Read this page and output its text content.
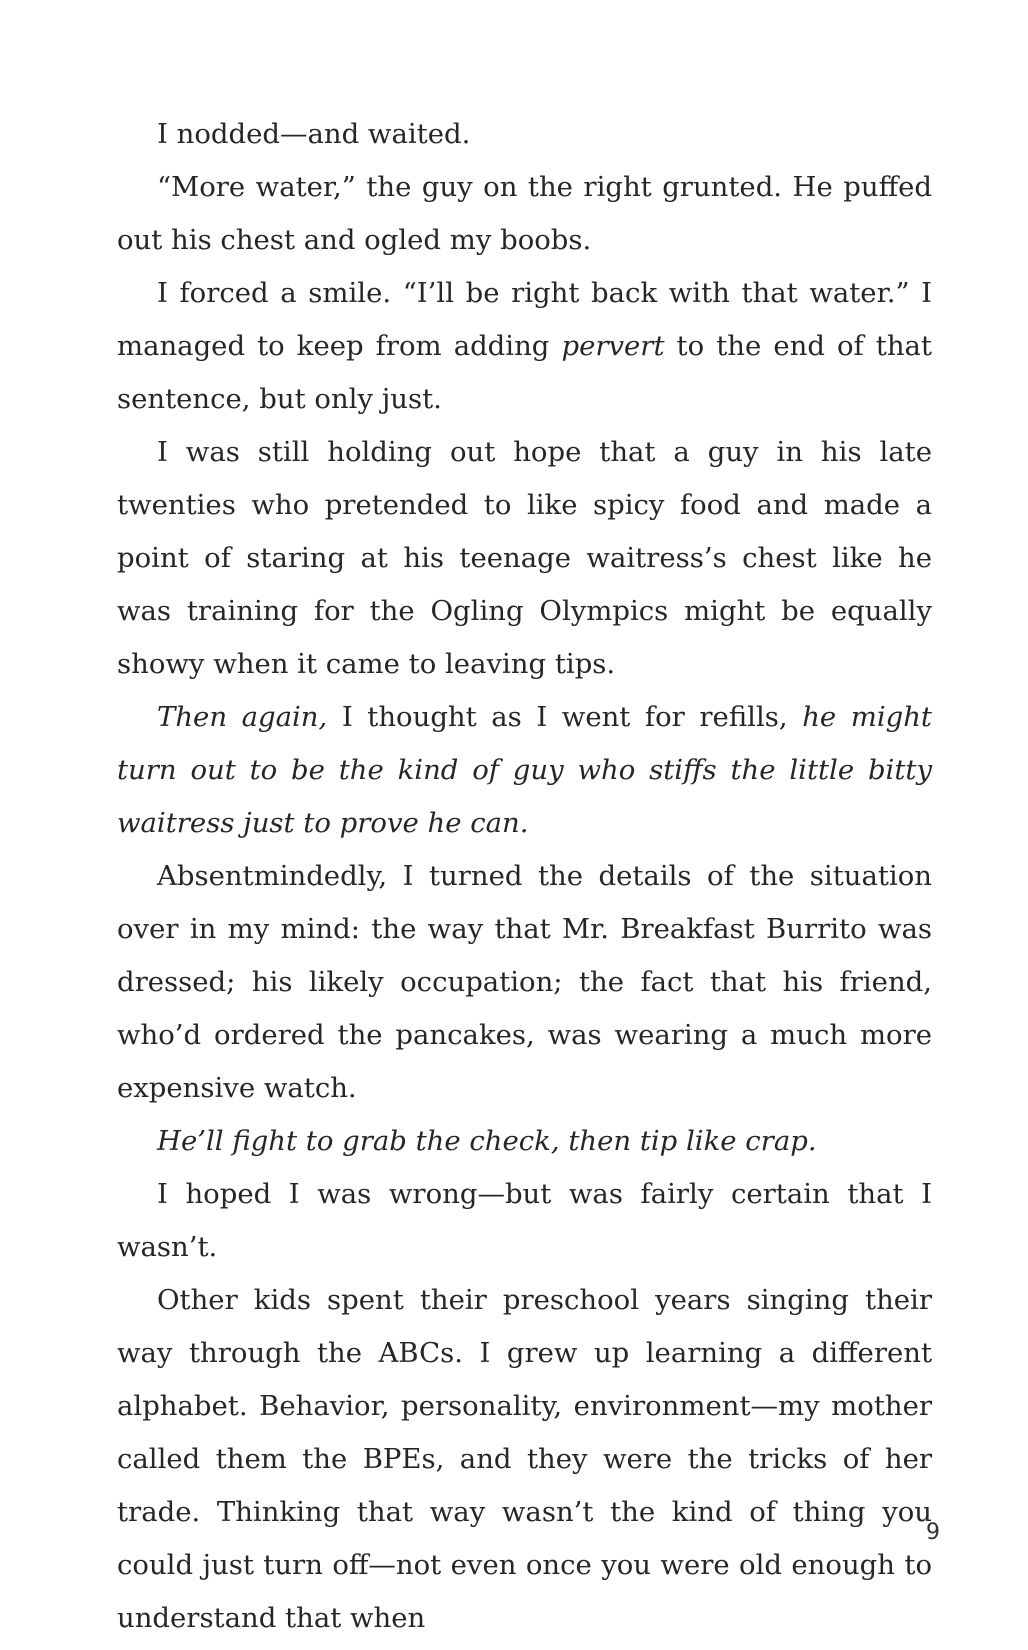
I nodded—and waited.

“More water,” the guy on the right grunted. He puffed out his chest and ogled my boobs.

I forced a smile. “I’ll be right back with that water.” I managed to keep from adding pervert to the end of that sentence, but only just.

I was still holding out hope that a guy in his late twenties who pretended to like spicy food and made a point of staring at his teenage waitress’s chest like he was training for the Ogling Olympics might be equally showy when it came to leaving tips.

Then again, I thought as I went for refills, he might turn out to be the kind of guy who stiffs the little bitty waitress just to prove he can.

Absentmindedly, I turned the details of the situation over in my mind: the way that Mr. Breakfast Burrito was dressed; his likely occupation; the fact that his friend, who’d ordered the pancakes, was wearing a much more expensive watch.

He’ll fight to grab the check, then tip like crap.

I hoped I was wrong—but was fairly certain that I wasn’t.

Other kids spent their preschool years singing their way through the ABCs. I grew up learning a different alphabet. Behavior, personality, environment—my mother called them the BPEs, and they were the tricks of her trade. Thinking that way wasn’t the kind of thing you could just turn off—not even once you were old enough to understand that when

9
